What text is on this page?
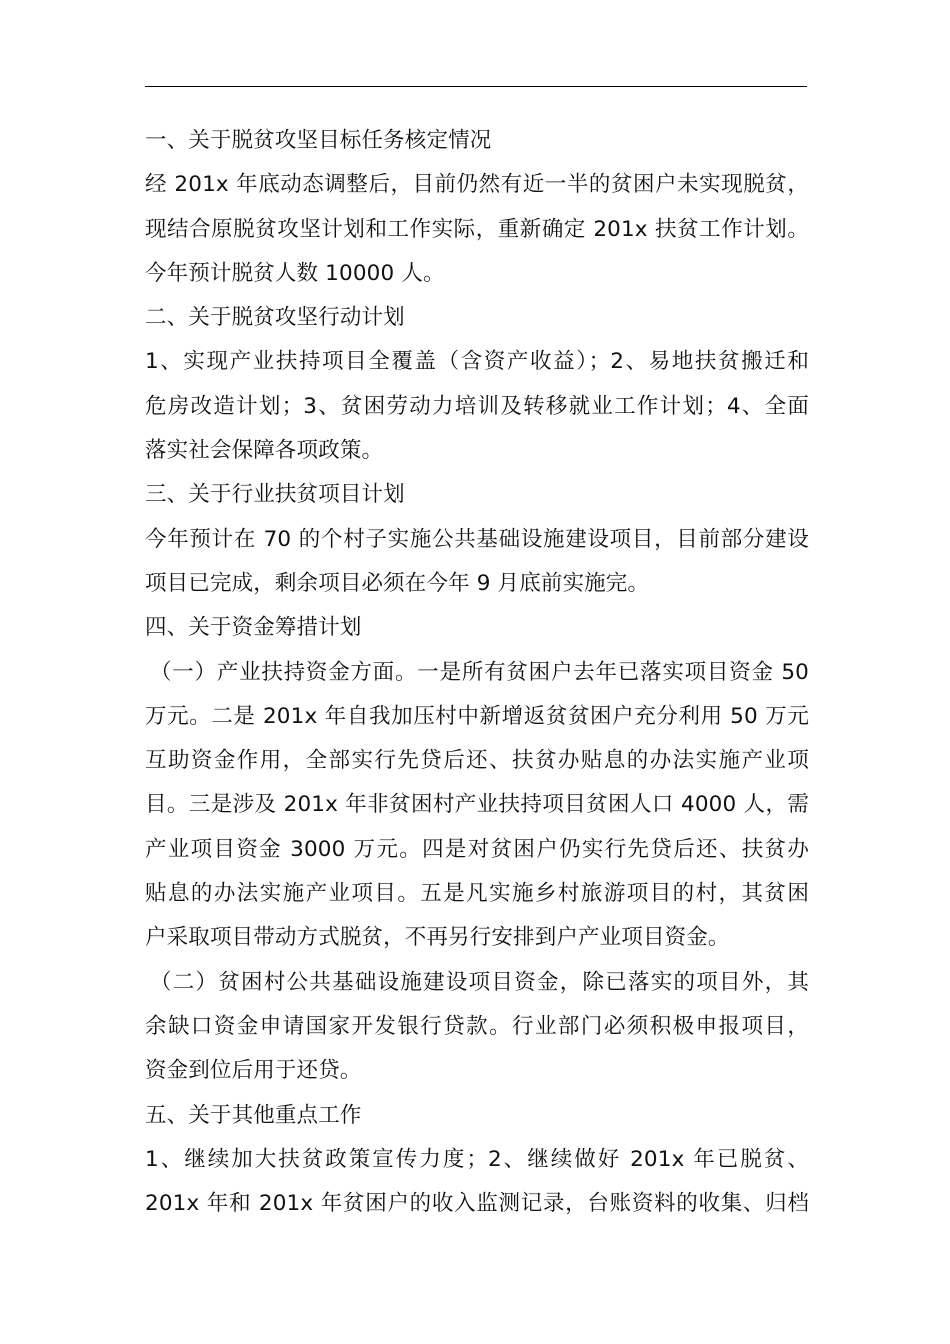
一、关于脱贫攻坚目标任务核定情况
经 201x 年底动态调整后，目前仍然有近一半的贫困户未实现脱贫，
现结合原脱贫攻坚计划和工作实际，重新确定 201x 扶贫工作计划。
今年预计脱贫人数 10000 人。
二、关于脱贫攻坚行动计划
1、实现产业扶持项目全覆盖（含资产收益）；2、易地扶贫搬迁和
危房改造计划；3、贫困劳动力培训及转移就业工作计划；4、全面
落实社会保障各项政策。
三、关于行业扶贫项目计划
今年预计在 70 的个村子实施公共基础设施建设项目，目前部分建设
项目已完成，剩余项目必须在今年 9 月底前实施完。
四、关于资金筹措计划
（一）产业扶持资金方面。一是所有贫困户去年已落实项目资金 50
万元。二是 201x 年自我加压村中新增返贫贫困户充分利用 50 万元
互助资金作用，全部实行先贷后还、扶贫办贴息的办法实施产业项
目。三是涉及 201x 年非贫困村产业扶持项目贫困人口 4000 人，需
产业项目资金 3000 万元。四是对贫困户仍实行先贷后还、扶贫办
贴息的办法实施产业项目。五是凡实施乡村旅游项目的村，其贫困
户采取项目带动方式脱贫，不再另行安排到户产业项目资金。
（二）贫困村公共基础设施建设项目资金，除已落实的项目外，其
余缺口资金申请国家开发银行贷款。行业部门必须积极申报项目，
资金到位后用于还贷。
五、关于其他重点工作
1、继续加大扶贫政策宣传力度；2、继续做好 201x 年已脱贫、
201x 年和 201x 年贫困户的收入监测记录，台账资料的收集、归档
